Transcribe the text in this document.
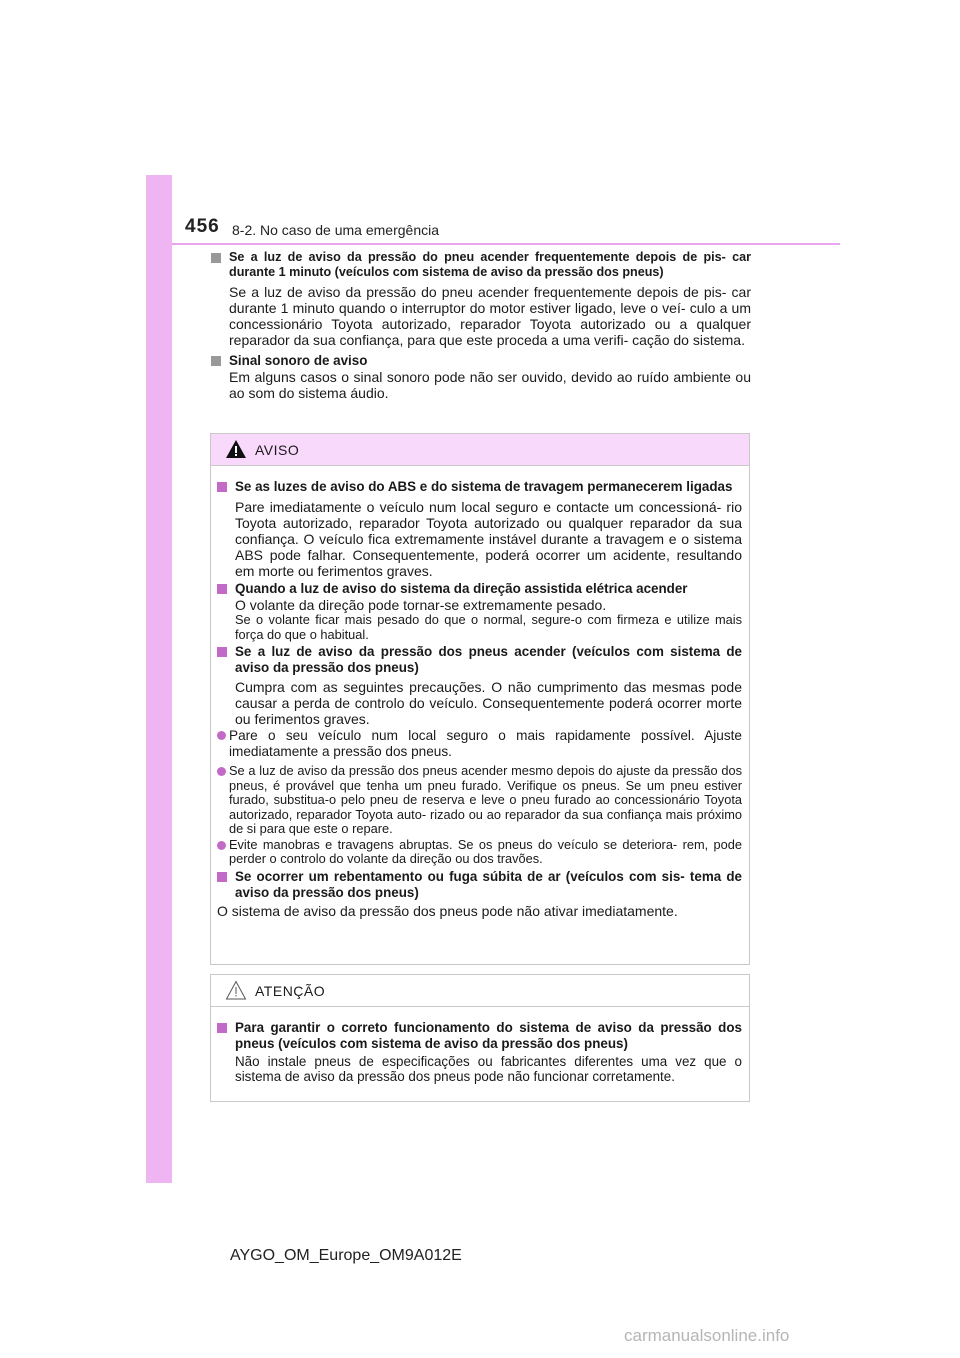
456 8-2. No caso de uma emergência
Se a luz de aviso da pressão do pneu acender frequentemente depois de pis- car durante 1 minuto (veículos com sistema de aviso da pressão dos pneus)
Se a luz de aviso da pressão do pneu acender frequentemente depois de pis- car durante 1 minuto quando o interruptor do motor estiver ligado, leve o veí- culo a um concessionário Toyota autorizado, reparador Toyota autorizado ou a qualquer reparador da sua confiança, para que este proceda a uma verifi- cação do sistema.
Sinal sonoro de aviso
Em alguns casos o sinal sonoro pode não ser ouvido, devido ao ruído ambiente ou ao som do sistema áudio.
AVISO
Se as luzes de aviso do ABS e do sistema de travagem permanecerem ligadas
Pare imediatamente o veículo num local seguro e contacte um concessioná- rio Toyota autorizado, reparador Toyota autorizado ou qualquer reparador da sua confiança. O veículo fica extremamente instável durante a travagem e o sistema ABS pode falhar. Consequentemente, poderá ocorrer um acidente, resultando em morte ou ferimentos graves.
Quando a luz de aviso do sistema da direção assistida elétrica acender
O volante da direção pode tornar-se extremamente pesado.
Se o volante ficar mais pesado do que o normal, segure-o com firmeza e utilize mais força do que o habitual.
Se a luz de aviso da pressão dos pneus acender (veículos com sistema de aviso da pressão dos pneus)
Cumpra com as seguintes precauções. O não cumprimento das mesmas pode causar a perda de controlo do veículo. Consequentemente poderá ocorrer morte ou ferimentos graves.
Pare o seu veículo num local seguro o mais rapidamente possível. Ajuste imediatamente a pressão dos pneus.
Se a luz de aviso da pressão dos pneus acender mesmo depois do ajuste da pressão dos pneus, é provável que tenha um pneu furado. Verifique os pneus. Se um pneu estiver furado, substitua-o pelo pneu de reserva e leve o pneu furado ao concessionário Toyota autorizado, reparador Toyota auto- rizado ou ao reparador da sua confiança mais próximo de si para que este o repare.
Evite manobras e travagens abruptas. Se os pneus do veículo se deteriora- rem, pode perder o controlo do volante da direção ou dos travões.
Se ocorrer um rebentamento ou fuga súbita de ar (veículos com sis- tema de aviso da pressão dos pneus)
O sistema de aviso da pressão dos pneus pode não ativar imediatamente.
ATENÇÃO
Para garantir o correto funcionamento do sistema de aviso da pressão dos pneus (veículos com sistema de aviso da pressão dos pneus)
Não instale pneus de especificações ou fabricantes diferentes uma vez que o sistema de aviso da pressão dos pneus pode não funcionar corretamente.
AYGO_OM_Europe_OM9A012E
carmanualsonline.info
